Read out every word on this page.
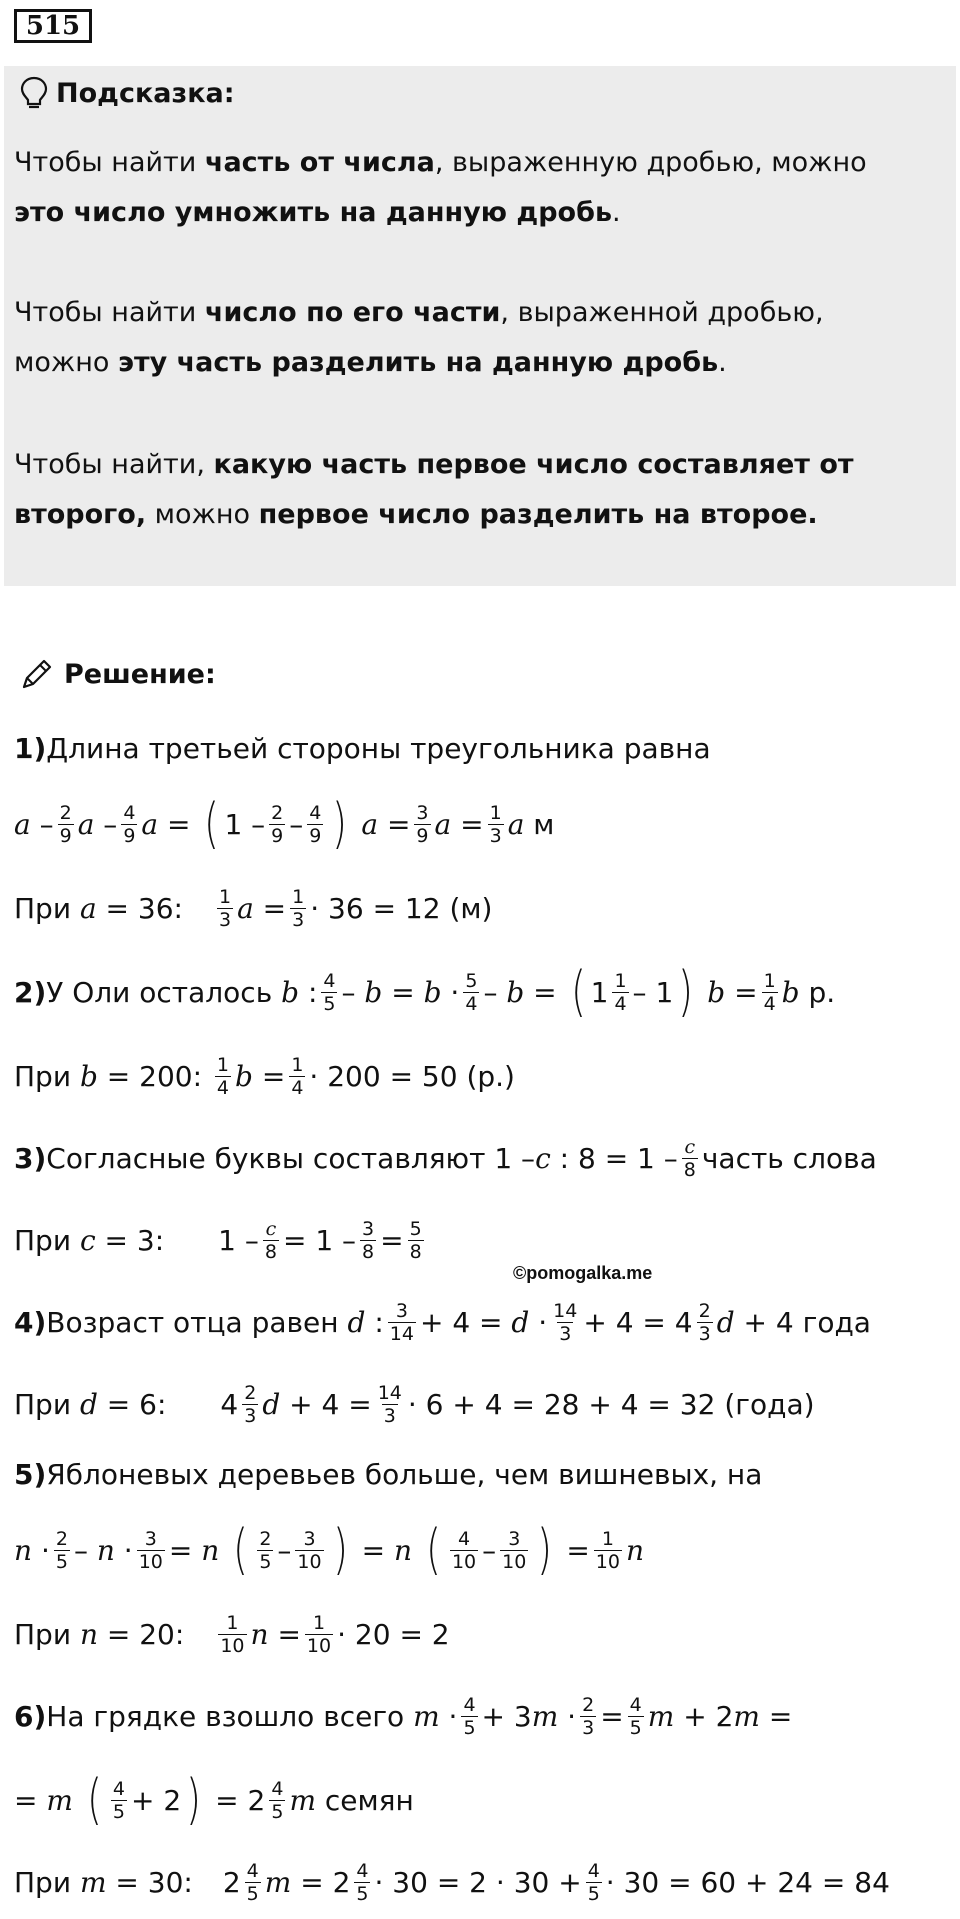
515
Подсказка:
Чтобы найти часть от числа, выраженную дробью, можно
это число умножить на данную дробь.
Чтобы найти число по его части, выраженной дробью,
можно эту часть разделить на данную дробь.
Чтобы найти, какую часть первое число составляет от
второго, можно первое число разделить на второе.
Решение:
1) Длина третьей стороны треугольника равна
a – 2
9 a – 4
9 a = ( 1 – 2
9 – 4
9 )
a = 3
9 a = 1
3 a м
При
a = 36: 1
3 a = 1
3 · 36 = 12 (м)
2) У Оли осталось
b : 4
5 – b = b · 5
4 – b = ( 1 1
4 – 1 )
b = 1
4 b р.
При
b = 200: 1
4 b = 1
4 · 200 = 50 (р.)
3) Согласные буквы составляют 1 – c : 8 = 1 – c
8 часть слова
При
c = 3: 1 – c
8 = 1 – 3
8 = 5
8
©pomogalka.me
4) Возраст отца равен
d : 3
14 + 4 = d · 14
3 + 4 = 4 2
3 d + 4 года
При
d = 6: 4 2
3 d + 4 = 14
3 · 6 + 4 = 28 + 4 = 32 (года)
5) Яблоневых деревьев больше, чем вишневых, на
n · 2
5 – n · 3
10 = n
( 2
5 – 3
10 ) = n
( 4
10 – 3
10 ) = 1
10 n
При
n = 20: 1
10 n = 1
10 · 20 = 2
6) На грядке взошло всего
m · 4
5 + 3 m · 2
3 = 4
5 m + 2 m =
= m
( 4
5 + 2 ) = 2 4
5 m семян
При
m = 30: 2 4
5 m = 2 4
5 · 30 = 2 · 30 + 4
5 · 30 = 60 + 24 = 84
